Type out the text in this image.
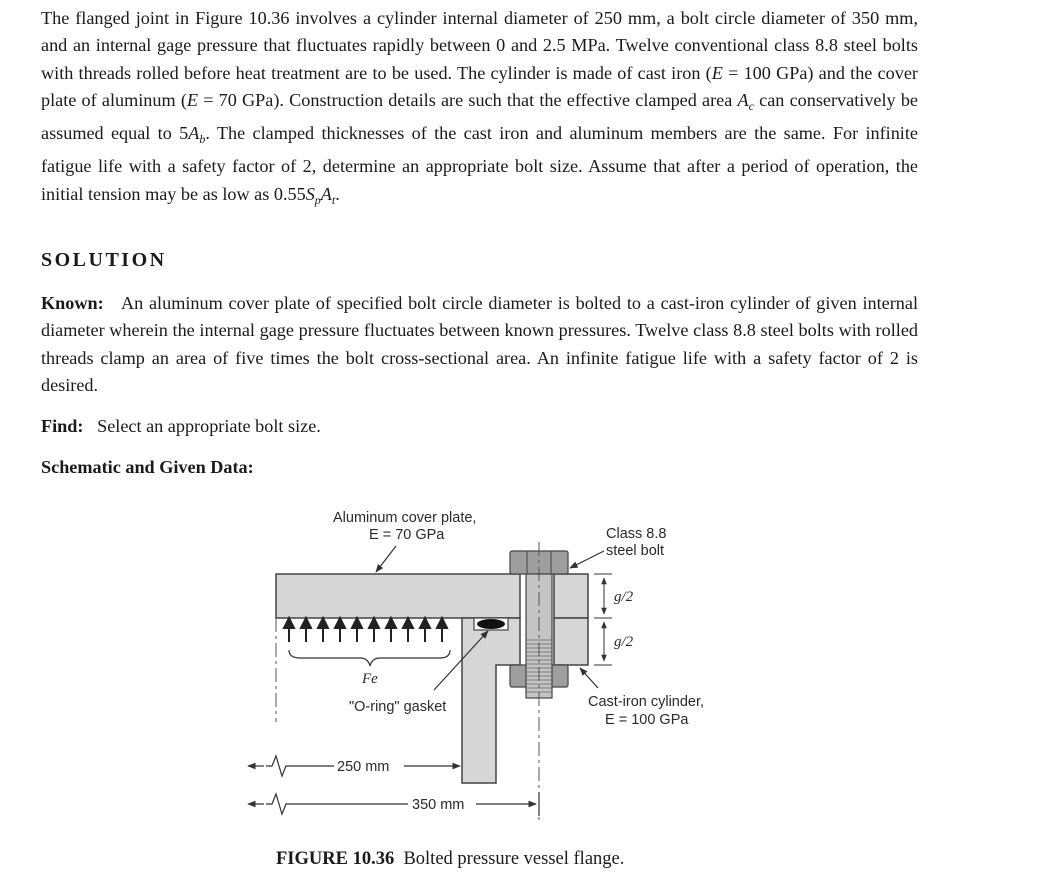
The flanged joint in Figure 10.36 involves a cylinder internal diameter of 250 mm, a bolt circle diameter of 350 mm, and an internal gage pressure that fluctuates rapidly between 0 and 2.5 MPa. Twelve conventional class 8.8 steel bolts with threads rolled before heat treatment are to be used. The cylinder is made of cast iron (E = 100 GPa) and the cover plate of aluminum (E = 70 GPa). Construction details are such that the effective clamped area $A_c$ can conservatively be assumed equal to $5A_b$. The clamped thicknesses of the cast iron and aluminum members are the same. For infinite fatigue life with a safety factor of 2, determine an appropriate bolt size. Assume that after a period of operation, the initial tension may be as low as $0.55S_pA_t$.
SOLUTION
Known: An aluminum cover plate of specified bolt circle diameter is bolted to a cast-iron cylinder of given internal diameter wherein the internal gage pressure fluctuates between known pressures. Twelve class 8.8 steel bolts with rolled threads clamp an area of five times the bolt cross-sectional area. An infinite fatigue life with a safety factor of 2 is desired.
Find: Select an appropriate bolt size.
Schematic and Given Data:
Aluminum cover plate,
E = 70 GPa	Class 8.8
steel bolt
g/2
g/2
Fe
"O-ring" gasket	Cast-iron cylinder,
E = 100 GPa
250 mm
350 mm
FIGURE 10.36 Bolted pressure vessel flange.
